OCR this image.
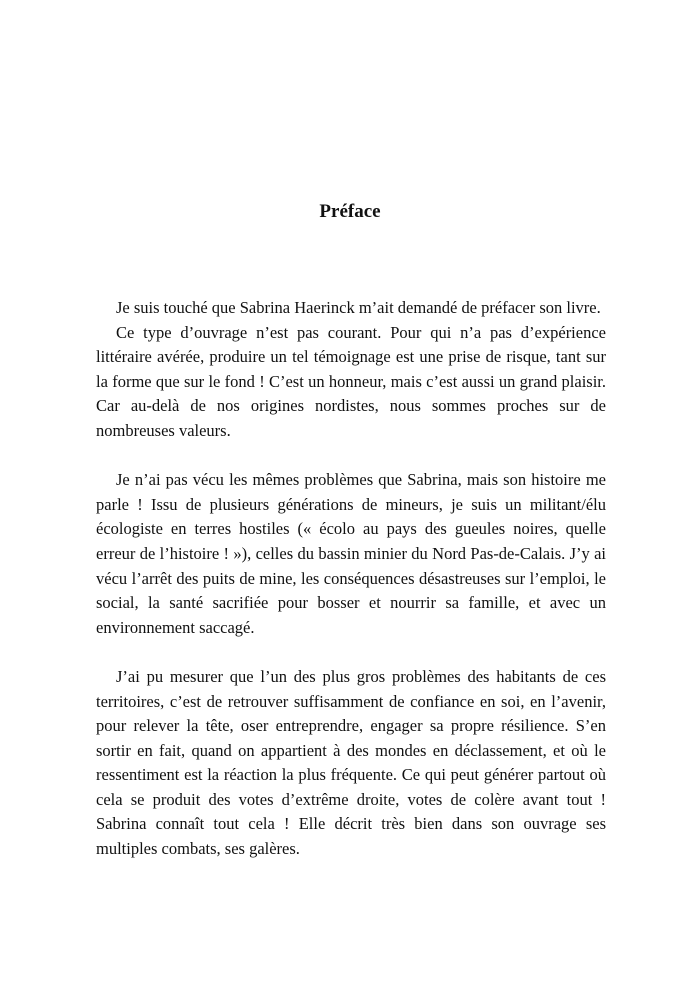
Préface

Je suis touché que Sabrina Haerinck m’ait demandé de préfacer son livre.

Ce type d’ouvrage n’est pas courant. Pour qui n’a pas d’expérience littéraire avérée, produire un tel témoignage est une prise de risque, tant sur la forme que sur le fond ! C’est un honneur, mais c’est aussi un grand plaisir. Car au-delà de nos origines nordistes, nous sommes proches sur de nombreuses valeurs.

Je n’ai pas vécu les mêmes problèmes que Sabrina, mais son histoire me parle ! Issu de plusieurs générations de mineurs, je suis un militant/élu écologiste en terres hostiles (« écolo au pays des gueules noires, quelle erreur de l’histoire ! »), celles du bassin minier du Nord Pas-de-Calais. J’y ai vécu l’arrêt des puits de mine, les conséquences désastreuses sur l’emploi, le social, la santé sacrifiée pour bosser et nourrir sa famille, et avec un environnement saccagé.

J’ai pu mesurer que l’un des plus gros problèmes des habitants de ces territoires, c’est de retrouver suffisamment de confiance en soi, en l’avenir, pour relever la tête, oser entreprendre, engager sa propre résilience. S’en sortir en fait, quand on appartient à des mondes en déclassement, et où le ressentiment est la réaction la plus fréquente. Ce qui peut générer partout où cela se produit des votes d’extrême droite, votes de colère avant tout ! Sabrina connaît tout cela ! Elle décrit très bien dans son ouvrage ses multiples combats, ses galères.
